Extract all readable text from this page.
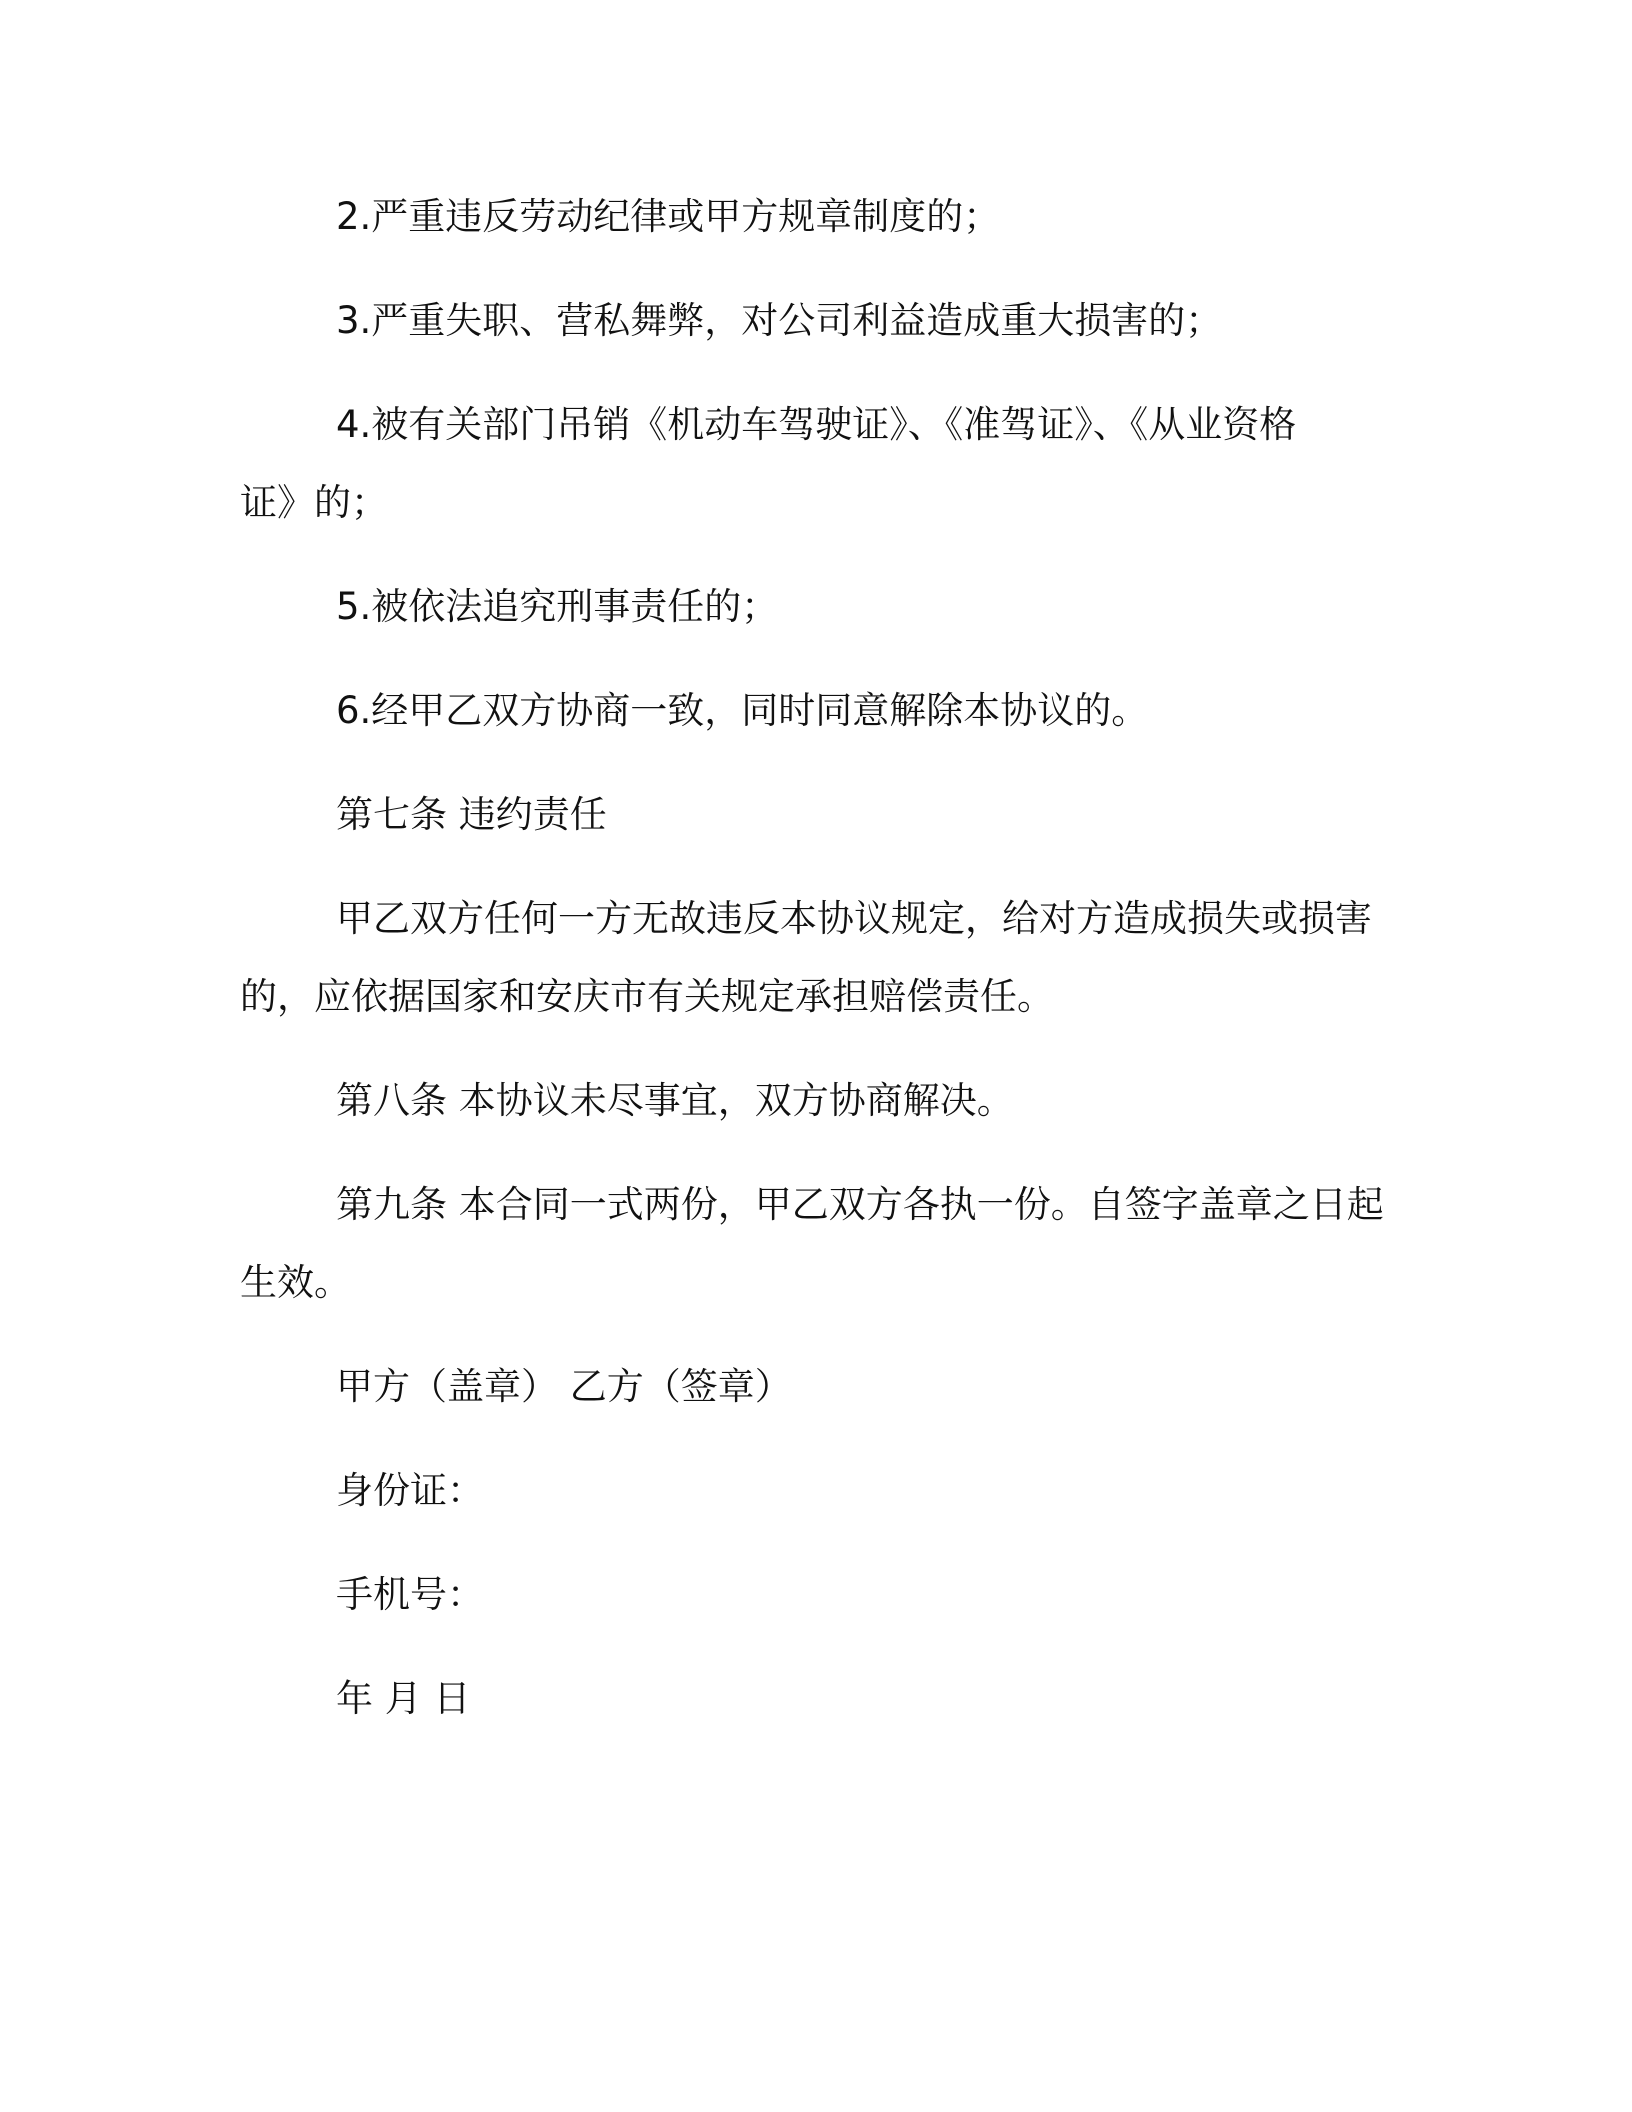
2.严重违反劳动纪律或甲方规章制度的；
3.严重失职、营私舞弊，对公司利益造成重大损害的；
4.被有关部门吊销《机动车驾驶证》、《准驾证》、《从业资格
证》的；
5.被依法追究刑事责任的；
6.经甲乙双方协商一致，同时同意解除本协议的。
第七条 违约责任
甲乙双方任何一方无故违反本协议规定，给对方造成损失或损害
的，应依据国家和安庆市有关规定承担赔偿责任。
第八条 本协议未尽事宜，双方协商解决。
第九条 本合同一式两份，甲乙双方各执一份。自签字盖章之日起
生效。
甲方（盖章） 乙方（签章）
身份证：
手机号：
年 月 日
